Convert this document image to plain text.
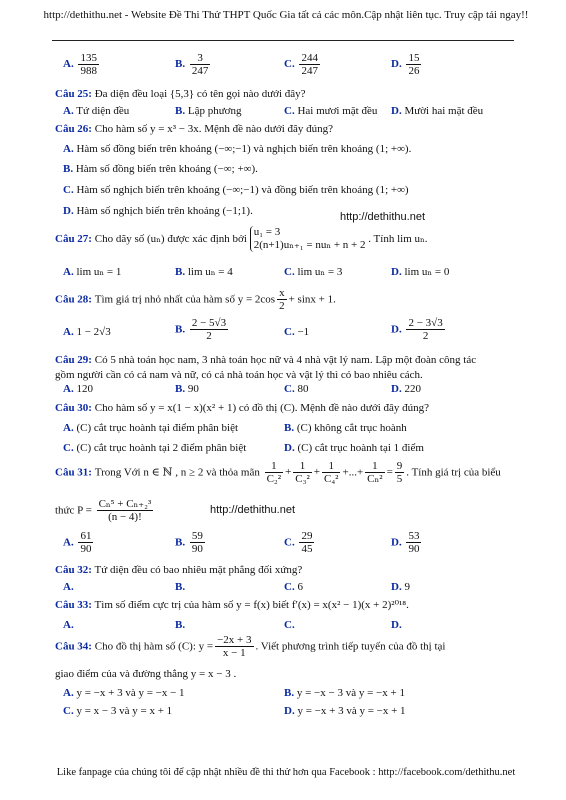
http://dethithu.net - Website Đề Thi Thử THPT Quốc Gia tất cả các môn.Cập nhật liên tục. Truy cập tải ngay!!
A. $\frac{135}{988}$	B. $\frac{3}{247}$	C. $\frac{244}{247}$	D. $\frac{15}{26}$
Câu 25: Đa diện đều loại {5,3} có tên gọi nào dưới đây?
A. Tứ diện đều	B. Lập phương	C. Hai mươi mặt đều D. Mười hai mặt đều
Câu 26: Cho hàm số y = x³ − 3x. Mệnh đề nào dưới đây đúng?
A. Hàm số đồng biến trên khoảng (−∞;−1) và nghịch biến trên khoảng (1; +∞).
B. Hàm số đồng biến trên khoảng (−∞; +∞).
C. Hàm số nghịch biến trên khoảng (−∞;−1) và đồng biến trên khoảng (1; +∞)
D. Hàm số nghịch biến trên khoảng (−1;1).	http://dethithu.net
Câu 27: Cho dãy số (uₙ) được xác định bởi
u₁ = 3
2(n+1)uₙ₊₁ = nuₙ + n + 2 . Tính lim uₙ.
A. lim uₙ = 1	B. lim uₙ = 4	C. lim uₙ = 3	D. lim uₙ = 0
Câu 28: Tìm giá trị nhỏ nhất của hàm số $y = 2\cos \frac{x}{2} + \sin x + 1$.
A. 1 − 2√3	B. $\frac{2 - 5√3}{2}$	C. −1	D. $\frac{2 - 3√3}{2}$
Câu 29: Có 5 nhà toán học nam, 3 nhà toán học nữ và 4 nhà vật lý nam. Lập một đoàn công tác
gồm người cần có cả nam và nữ, có cả nhà toán học và vật lý thì có bao nhiêu cách.
A. 120	B. 90	C. 80	D. 220
Câu 30: Cho hàm số y = x(1 − x)(x² + 1) có đồ thị (C). Mệnh đề nào dưới đây đúng?
A. (C) cắt trục hoành tại điểm phân biệt	B. (C) không cắt trục hoành
C. (C) cắt trục hoành tại 2 điểm phân biệt	D. (C) cắt trục hoành tại 1 điểm
Câu 31: Trong Với n ∈ ℕ , n ≥ 2 và thỏa mãn $\frac{1}{\text{C₂²}} + \frac{1}{\text{C₃²}} + \frac{1}{\text{C₄²}}$ +...+ $\frac{1}{\text{Cₙ²}} = \frac{9}{5}$ . Tính giá trị của biểu
thức $P = \frac{\text{Cₙ⁵ + Cₙ₊₂³}}{(n - 4)!}$	http://dethithu.net
A. $\frac{61}{90}$	B. $\frac{59}{90}$	C. $\frac{29}{45}$	D. $\frac{53}{90}$
Câu 32: Tứ diện đều có bao nhiêu mặt phẳng đối xứng?
A.	B.	C. 6	D. 9
Câu 33: Tìm số điểm cực trị của hàm số y = f(x) biết f′(x) = x(x² − 1)(x + 2)²⁰¹⁸.
A.	B.	C.	D.
Câu 34: Cho đồ thị hàm số (C): $y = \frac{-2x + 3}{x - 1}$ . Viết phương trình tiếp tuyến của đồ thị tại
giao điểm của và đường thẳng y = x − 3 .
A. y = −x + 3 và y = −x − 1	B. y = −x − 3 và y = −x + 1
C. y = x − 3 và y = x + 1	D. y = −x + 3 và y = −x + 1
Like fanpage của chúng tôi để cập nhật nhiều đề thi thử hơn qua Facebook : http://facebook.com/dethithu.net
